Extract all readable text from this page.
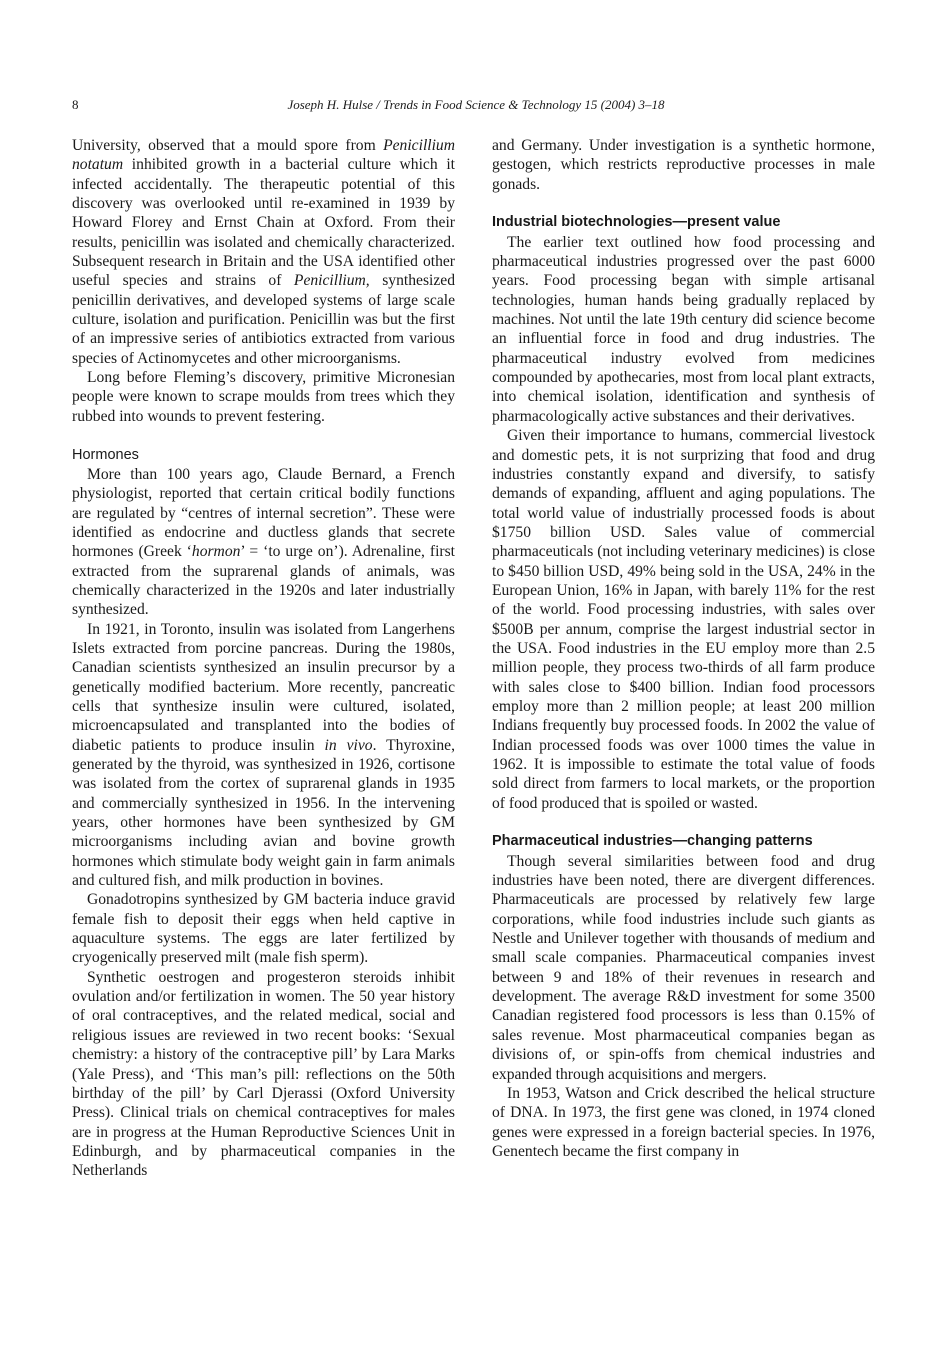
8	Joseph H. Hulse / Trends in Food Science & Technology 15 (2004) 3–18

University, observed that a mould spore from Penicillium notatum inhibited growth in a bacterial culture which it infected accidentally. The therapeutic potential of this discovery was overlooked until re-examined in 1939 by Howard Florey and Ernst Chain at Oxford. From their results, penicillin was isolated and chemically characterized. Subsequent research in Britain and the USA identified other useful species and strains of Penicillium, synthesized penicillin derivatives, and developed systems of large scale culture, isolation and purification. Penicillin was but the first of an impressive series of antibiotics extracted from various species of Actinomycetes and other microorganisms.

Long before Fleming’s discovery, primitive Micronesian people were known to scrape moulds from trees which they rubbed into wounds to prevent festering.

Hormones

More than 100 years ago, Claude Bernard, a French physiologist, reported that certain critical bodily functions are regulated by “centres of internal secretion”. These were identified as endocrine and ductless glands that secrete hormones (Greek ‘hormon’ = ‘to urge on’). Adrenaline, first extracted from the suprarenal glands of animals, was chemically characterized in the 1920s and later industrially synthesized.

In 1921, in Toronto, insulin was isolated from Langerhens Islets extracted from porcine pancreas. During the 1980s, Canadian scientists synthesized an insulin precursor by a genetically modified bacterium. More recently, pancreatic cells that synthesize insulin were cultured, isolated, microencapsulated and transplanted into the bodies of diabetic patients to produce insulin in vivo. Thyroxine, generated by the thyroid, was synthesized in 1926, cortisone was isolated from the cortex of suprarenal glands in 1935 and commercially synthesized in 1956. In the intervening years, other hormones have been synthesized by GM microorganisms including avian and bovine growth hormones which stimulate body weight gain in farm animals and cultured fish, and milk production in bovines.

Gonadotropins synthesized by GM bacteria induce gravid female fish to deposit their eggs when held captive in aquaculture systems. The eggs are later fertilized by cryogenically preserved milt (male fish sperm).

Synthetic oestrogen and progesteron steroids inhibit ovulation and/or fertilization in women. The 50 year history of oral contraceptives, and the related medical, social and religious issues are reviewed in two recent books: ‘Sexual chemistry: a history of the contraceptive pill’ by Lara Marks (Yale Press), and ‘This man’s pill: reflections on the 50th birthday of the pill’ by Carl Djerassi (Oxford University Press). Clinical trials on chemical contraceptives for males are in progress at the Human Reproductive Sciences Unit in Edinburgh, and by pharmaceutical companies in the Netherlands

and Germany. Under investigation is a synthetic hormone, gestogen, which restricts reproductive processes in male gonads.

Industrial biotechnologies—present value

The earlier text outlined how food processing and pharmaceutical industries progressed over the past 6000 years. Food processing began with simple artisanal technologies, human hands being gradually replaced by machines. Not until the late 19th century did science become an influential force in food and drug industries. The pharmaceutical industry evolved from medicines compounded by apothecaries, most from local plant extracts, into chemical isolation, identification and synthesis of pharmacologically active substances and their derivatives.

Given their importance to humans, commercial livestock and domestic pets, it is not surprizing that food and drug industries constantly expand and diversify, to satisfy demands of expanding, affluent and aging populations. The total world value of industrially processed foods is about $1750 billion USD. Sales value of commercial pharmaceuticals (not including veterinary medicines) is close to $450 billion USD, 49% being sold in the USA, 24% in the European Union, 16% in Japan, with barely 11% for the rest of the world. Food processing industries, with sales over $500B per annum, comprise the largest industrial sector in the USA. Food industries in the EU employ more than 2.5 million people, they process two-thirds of all farm produce with sales close to $400 billion. Indian food processors employ more than 2 million people; at least 200 million Indians frequently buy processed foods. In 2002 the value of Indian processed foods was over 1000 times the value in 1962. It is impossible to estimate the total value of foods sold direct from farmers to local markets, or the proportion of food produced that is spoiled or wasted.

Pharmaceutical industries—changing patterns

Though several similarities between food and drug industries have been noted, there are divergent differences. Pharmaceuticals are processed by relatively few large corporations, while food industries include such giants as Nestle and Unilever together with thousands of medium and small scale companies. Pharmaceutical companies invest between 9 and 18% of their revenues in research and development. The average R&D investment for some 3500 Canadian registered food processors is less than 0.15% of sales revenue. Most pharmaceutical companies began as divisions of, or spin-offs from chemical industries and expanded through acquisitions and mergers.

In 1953, Watson and Crick described the helical structure of DNA. In 1973, the first gene was cloned, in 1974 cloned genes were expressed in a foreign bacterial species. In 1976, Genentech became the first company in
